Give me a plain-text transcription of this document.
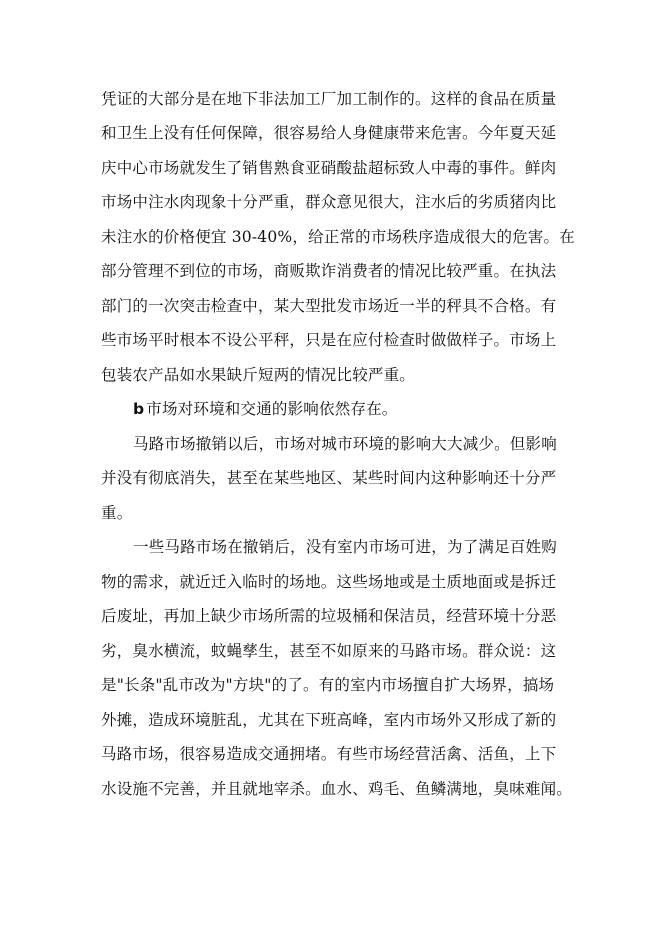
凭证的大部分是在地下非法加工厂加工制作的。这样的食品在质量
和卫生上没有任何保障，很容易给人身健康带来危害。今年夏天延
庆中心市场就发生了销售熟食亚硝酸盐超标致人中毒的事件。鲜肉
市场中注水肉现象十分严重，群众意见很大，注水后的劣质猪肉比
未注水的价格便宜 30-40%，给正常的市场秩序造成很大的危害。在
部分管理不到位的市场，商贩欺诈消费者的情况比较严重。在执法
部门的一次突击检查中，某大型批发市场近一半的秤具不合格。有
些市场平时根本不设公平秤，只是在应付检查时做做样子。市场上
包装农产品如水果缺斤短两的情况比较严重。
b 市场对环境和交通的影响依然存在。
马路市场撤销以后，市场对城市环境的影响大大减少。但影响
并没有彻底消失，甚至在某些地区、某些时间内这种影响还十分严
重。
一些马路市场在撤销后，没有室内市场可进，为了满足百姓购
物的需求，就近迁入临时的场地。这些场地或是土质地面或是拆迁
后废址，再加上缺少市场所需的垃圾桶和保洁员，经营环境十分恶
劣，臭水横流，蚊蝇孳生，甚至不如原来的马路市场。群众说：这
是"长条"乱市改为"方块"的了。有的室内市场擅自扩大场界，搞场
外摊，造成环境脏乱，尤其在下班高峰，室内市场外又形成了新的
马路市场，很容易造成交通拥堵。有些市场经营活禽、活鱼，上下
水设施不完善，并且就地宰杀。血水、鸡毛、鱼鳞满地，臭味难闻。
